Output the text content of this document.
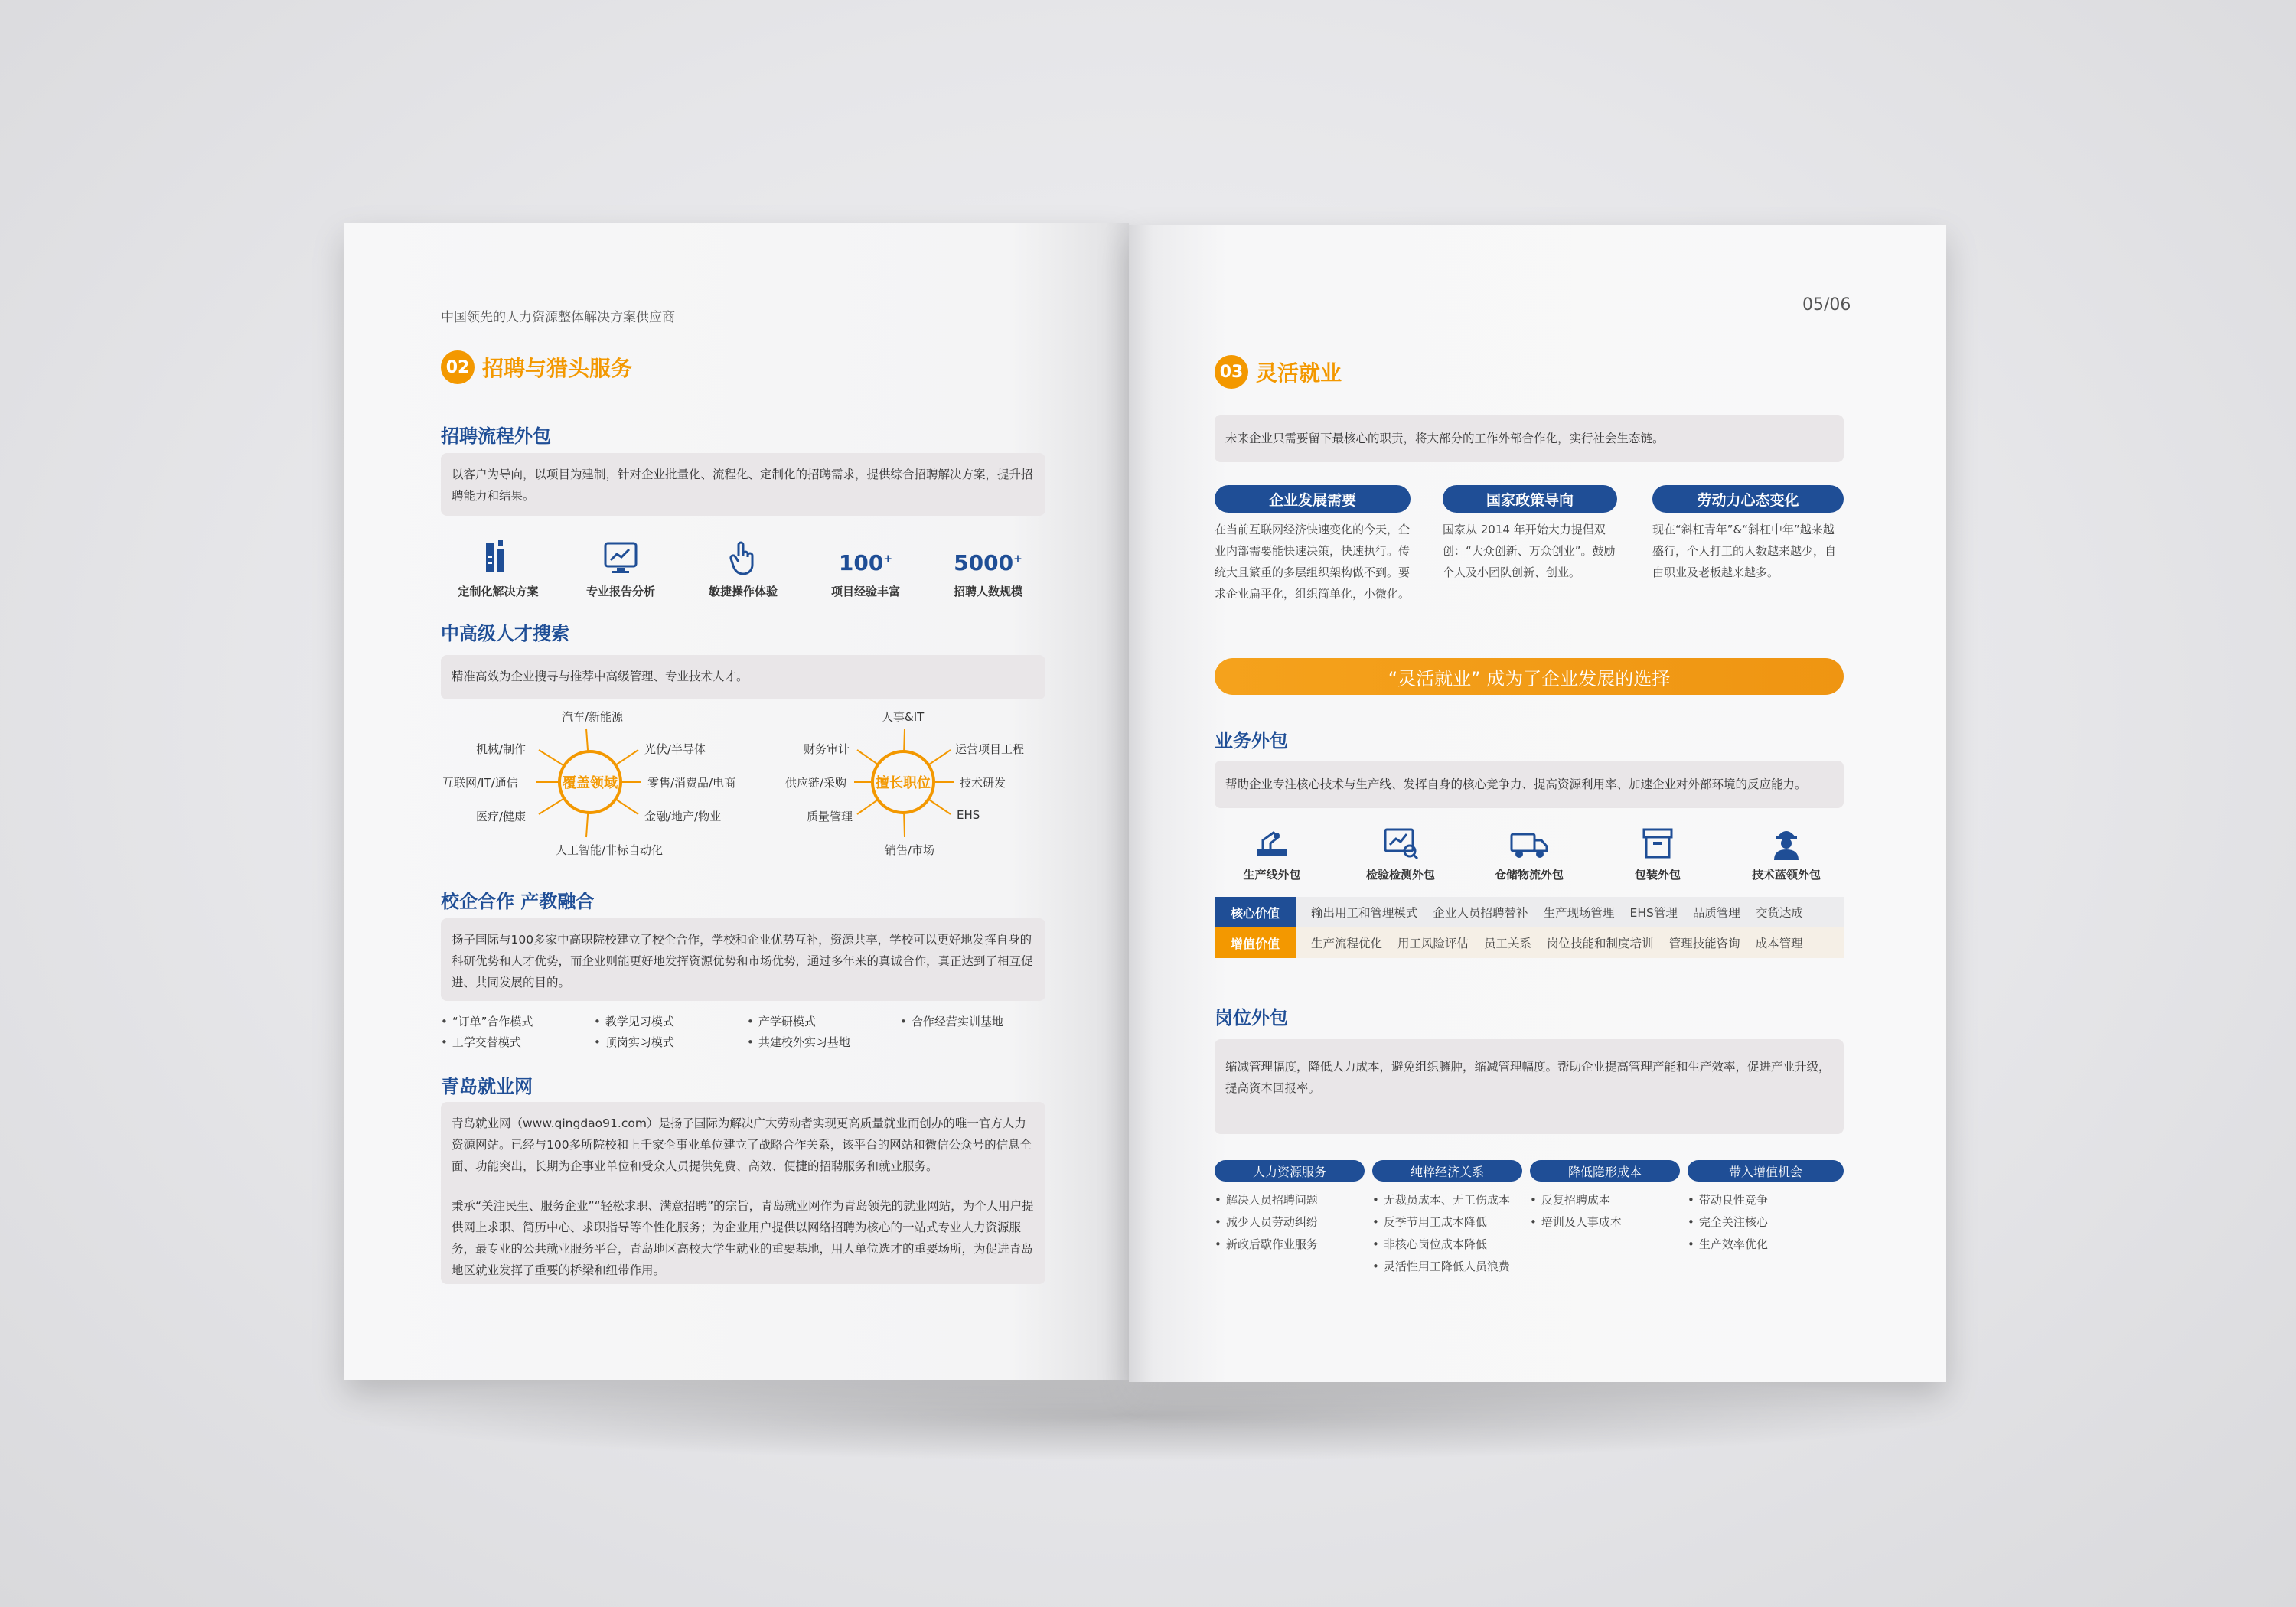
中国领先的人力资源整体解决方案供应商
02 招聘与猎头服务
招聘流程外包
以客户为导向，以项目为建制，针对企业批量化、流程化、定制化的招聘需求，提供综合招聘解决方案，提升招聘能力和结果。
定制化解决方案	专业报告分析	敏捷操作体验
100+
项目经验丰富
5000+
招聘人数规模
中高级人才搜索
精准高效为企业搜寻与推荐中高级管理、专业技术人才。
覆盖领域
汽车/新能源
光伏/半导体
零售/消费品/电商
金融/地产/物业
人工智能/非标自动化
医疗/健康
互联网/IT/通信
机械/制作
擅长职位
人事&IT
运营项目工程
技术研发
EHS
销售/市场
质量管理
供应链/采购
财务审计
校企合作 产教融合
扬子国际与100多家中高职院校建立了校企合作，学校和企业优势互补，资源共享，学校可以更好地发挥自身的科研优势和人才优势，而企业则能更好地发挥资源优势和市场优势，通过多年来的真诚合作，真正达到了相互促进、共同发展的目的。
• “订单”合作模式	• 教学见习模式	• 产学研模式	• 合作经营实训基地
• 工学交替模式	• 顶岗实习模式	• 共建校外实习基地
青岛就业网
青岛就业网（www.qingdao91.com）是扬子国际为解决广大劳动者实现更高质量就业而创办的唯一官方人力资源网站。已经与100多所院校和上千家企事业单位建立了战略合作关系，该平台的网站和微信公众号的信息全面、功能突出，长期为企事业单位和受众人员提供免费、高效、便捷的招聘服务和就业服务。
秉承“关注民生、服务企业”“轻松求职、满意招聘”的宗旨，青岛就业网作为青岛领先的就业网站，为个人用户提供网上求职、简历中心、求职指导等个性化服务；为企业用户提供以网络招聘为核心的一站式专业人力资源服务，最专业的公共就业服务平台，青岛地区高校大学生就业的重要基地，用人单位选才的重要场所，为促进青岛地区就业发挥了重要的桥梁和纽带作用。
05/06
03 灵活就业
未来企业只需要留下最核心的职责，将大部分的工作外部合作化，实行社会生态链。
企业发展需要
在当前互联网经济快速变化的今天，企业内部需要能快速决策，快速执行。传统大且繁重的多层组织架构做不到。要求企业扁平化，组织简单化，小微化。
国家政策导向
国家从 2014 年开始大力提倡双创：“大众创新、万众创业”。鼓励个人及小团队创新、创业。
劳动力心态变化
现在“斜杠青年”&“斜杠中年”越来越盛行，个人打工的人数越来越少，自由职业及老板越来越多。
“灵活就业” 成为了企业发展的选择
业务外包
帮助企业专注核心技术与生产线、发挥自身的核心竞争力、提高资源利用率、加速企业对外部环境的反应能力。
生产线外包	检验检测外包	仓储物流外包	包装外包	技术蓝领外包
核心价值	输出用工和管理模式 企业人员招聘替补 生产现场管理 EHS管理 品质管理 交货达成
增值价值	生产流程优化 用工风险评估 员工关系 岗位技能和制度培训 管理技能咨询 成本管理
岗位外包
缩减管理幅度，降低人力成本，避免组织臃肿，缩减管理幅度。帮助企业提高管理产能和生产效率，促进产业升级，提高资本回报率。
人力资源服务
• 解决人员招聘问题
• 减少人员劳动纠纷
• 新政后歇作业服务
纯粹经济关系
• 无裁员成本、无工伤成本
• 反季节用工成本降低
• 非核心岗位成本降低
• 灵活性用工降低人员浪费
降低隐形成本
• 反复招聘成本
• 培训及人事成本
带入增值机会
• 带动良性竞争
• 完全关注核心
• 生产效率优化
